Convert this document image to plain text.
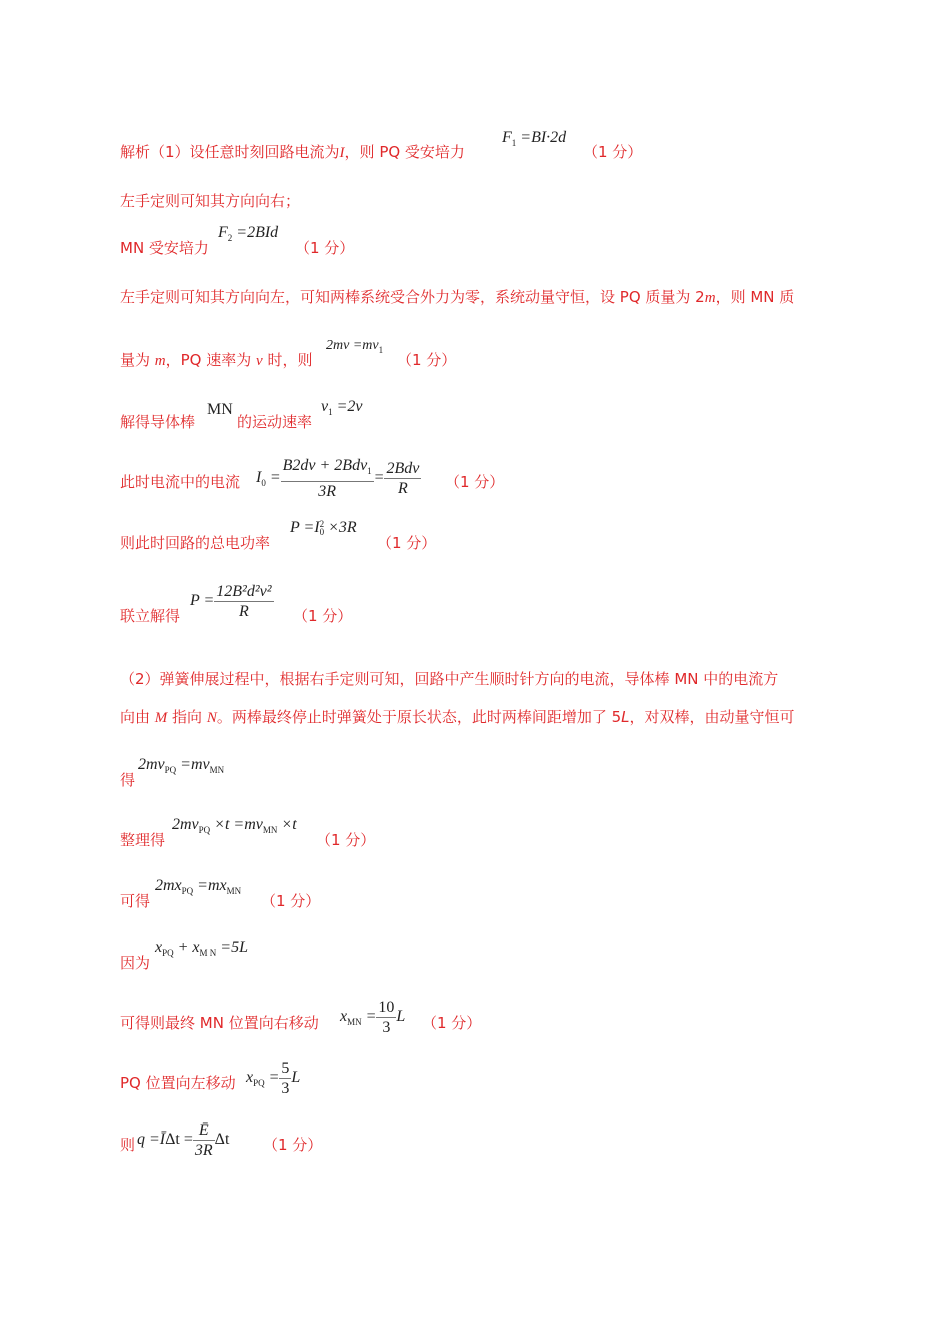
解析（1）设任意时刻回路电流为I，则 PQ 受安培力
$F_1 =BI\cdot 2d$
（1 分）
左手定则可知其方向向右；
MN 受安培力
$F_2 =2BId$
（1 分）
左手定则可知其方向向左，可知两棒系统受合外力为零，系统动量守恒，设 PQ 质量为 2m，则 MN 质
量为 m，PQ 速率为 v 时，则
$2mv =mv_1$
（1 分）
解得导体棒
MN
的运动速率
$v_1 =2v$
此时电流中的电流 $I_0 = \frac{B2dv + 2Bdv_1}{3R} = \frac{\text{2Bdv}}{R} (1$ 分）
则此时回路的总电功率
P =I 2
0 ×3R
（1 分）
联立解得
$P = \frac{\text{12B²d²v²}}{R} (1$ 分）
（2）弹簧伸展过程中，根据右手定则可知，回路中产生顺时针方向的电流，导体棒 MN 中的电流方
向由 M 指向 N。两棒最终停止时弹簧处于原长状态，此时两棒间距增加了 5L，对双棒，由动量守恒可
得
$2mv_{PQ} =mv_{MN}$
整理得
$2mv_{PQ} \times t =mv_{MN} \times t$
（1 分）
可得
$2mx_{PQ} =mx_{MN}$
（1 分）
因为
$x_{PQ} + x_{M N} =5L$
可得则最终 MN 位置向右移动 $x_{MN} = \frac{10}{3}$ L （1 分）
PQ 位置向左移动 $x_{PQ} = \frac{5}{3}$ L
则 q =ĪΔt = $\frac{Ē}{3R}$ Δt （1 分）
